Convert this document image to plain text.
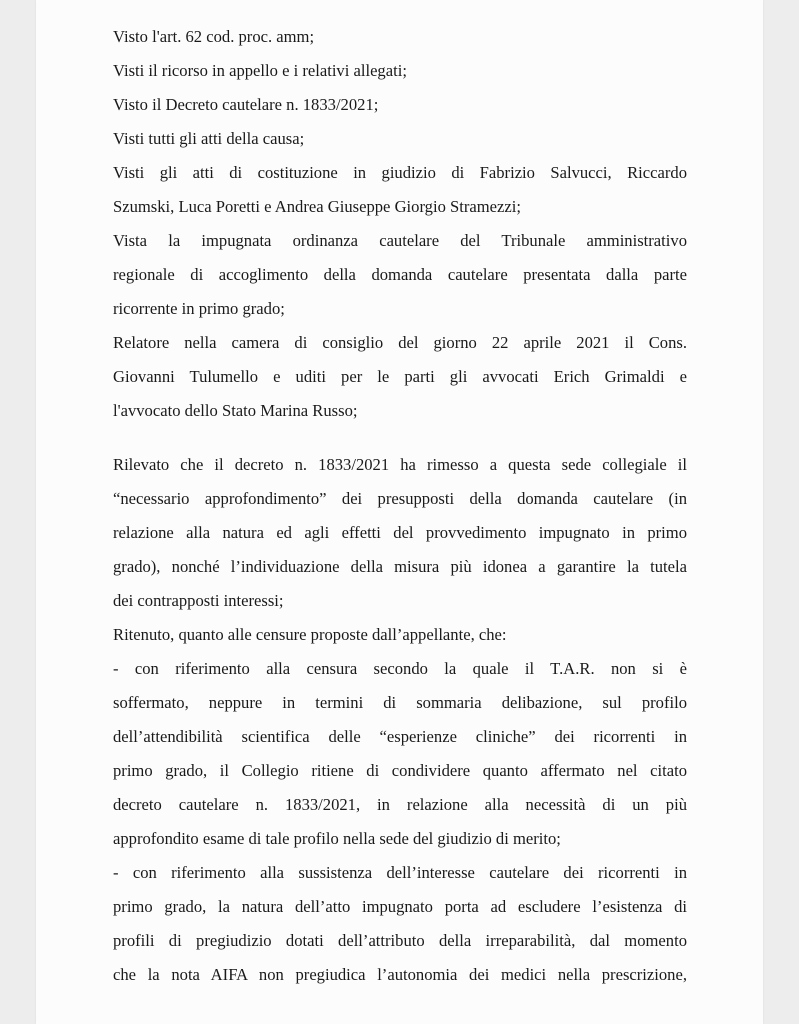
Visto l'art. 62 cod. proc. amm;
Visti il ricorso in appello e i relativi allegati;
Visto il Decreto cautelare n. 1833/2021;
Visti tutti gli atti della causa;
Visti gli atti di costituzione in giudizio di Fabrizio Salvucci, Riccardo
Szumski, Luca Poretti e Andrea Giuseppe Giorgio Stramezzi;
Vista la impugnata ordinanza cautelare del Tribunale amministrativo
regionale di accoglimento della domanda cautelare presentata dalla parte
ricorrente in primo grado;
Relatore nella camera di consiglio del giorno 22 aprile 2021 il Cons.
Giovanni Tulumello e uditi per le parti gli avvocati Erich Grimaldi e
l'avvocato dello Stato Marina Russo;
Rilevato che il decreto n. 1833/2021 ha rimesso a questa sede collegiale il
“necessario approfondimento” dei presupposti della domanda cautelare (in
relazione alla natura ed agli effetti del provvedimento impugnato in primo
grado), nonché l’individuazione della misura più idonea a garantire la tutela
dei contrapposti interessi;
Ritenuto, quanto alle censure proposte dall’appellante, che:
- con riferimento alla censura secondo la quale il T.A.R. non si è
soffermato, neppure in termini di sommaria delibazione, sul profilo
dell’attendibilità scientifica delle “esperienze cliniche” dei ricorrenti in
primo grado, il Collegio ritiene di condividere quanto affermato nel citato
decreto cautelare n. 1833/2021, in relazione alla necessità di un più
approfondito esame di tale profilo nella sede del giudizio di merito;
- con riferimento alla sussistenza dell’interesse cautelare dei ricorrenti in
primo grado, la natura dell’atto impugnato porta ad escludere l’esistenza di
profili di pregiudizio dotati dell’attributo della irreparabilità, dal momento
che la nota AIFA non pregiudica l’autonomia dei medici nella prescrizione,
